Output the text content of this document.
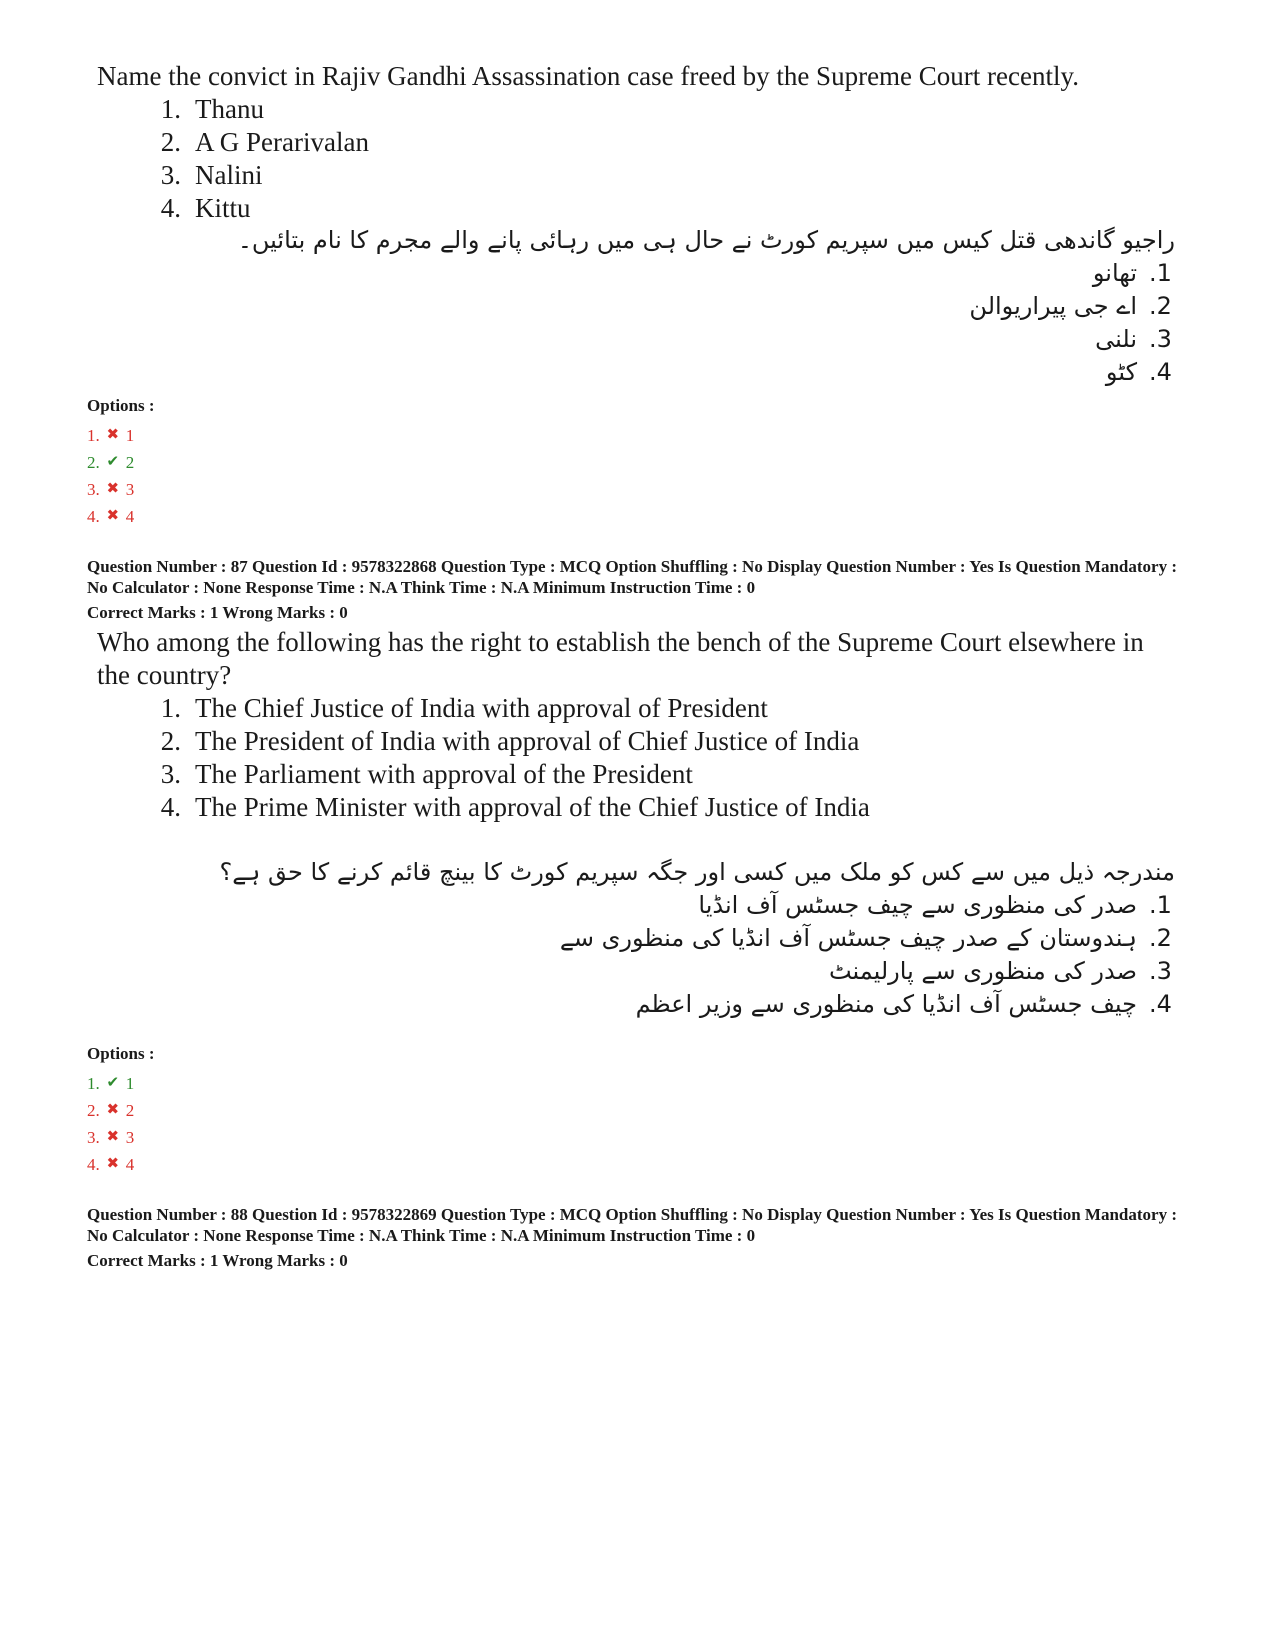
Name the convict in Rajiv Gandhi Assassination case freed by the Supreme Court recently.
1. Thanu
2. A G Perarivalan
3. Nalini
4. Kittu
راجیو گاندھی قتل کیس میں سپریم کورٹ نے حال ہی میں رہائی پانے والے مجرم کا نام بتائیں۔
.1
تھانو
.2
اے جی پیراریوالن
.3
نلنی
.4
کٹو
Options :
1. ✖ 1
2. ✔ 2
3. ✖ 3
4. ✖ 4
Question Number : 87 Question Id : 9578322868 Question Type : MCQ Option Shuffling : No Display Question Number : Yes Is Question Mandatory : No Calculator : None Response Time : N.A Think Time : N.A Minimum Instruction Time : 0
Correct Marks : 1 Wrong Marks : 0
Who among the following has the right to establish the bench of the Supreme Court elsewhere in the country?
1. The Chief Justice of India with approval of President
2. The President of India with approval of Chief Justice of India
3. The Parliament with approval of the President
4. The Prime Minister with approval of the Chief Justice of India
مندرجہ ذیل میں سے کس کو ملک میں کسی اور جگہ سپریم کورٹ کا بینچ قائم کرنے کا حق ہے؟
.1
صدر کی منظوری سے چیف جسٹس آف انڈیا
.2
ہندوستان کے صدر چیف جسٹس آف انڈیا کی منظوری سے
.3
صدر کی منظوری سے پارلیمنٹ
.4
چیف جسٹس آف انڈیا کی منظوری سے وزیر اعظم
Options :
1. ✔ 1
2. ✖ 2
3. ✖ 3
4. ✖ 4
Question Number : 88 Question Id : 9578322869 Question Type : MCQ Option Shuffling : No Display Question Number : Yes Is Question Mandatory : No Calculator : None Response Time : N.A Think Time : N.A Minimum Instruction Time : 0
Correct Marks : 1 Wrong Marks : 0
